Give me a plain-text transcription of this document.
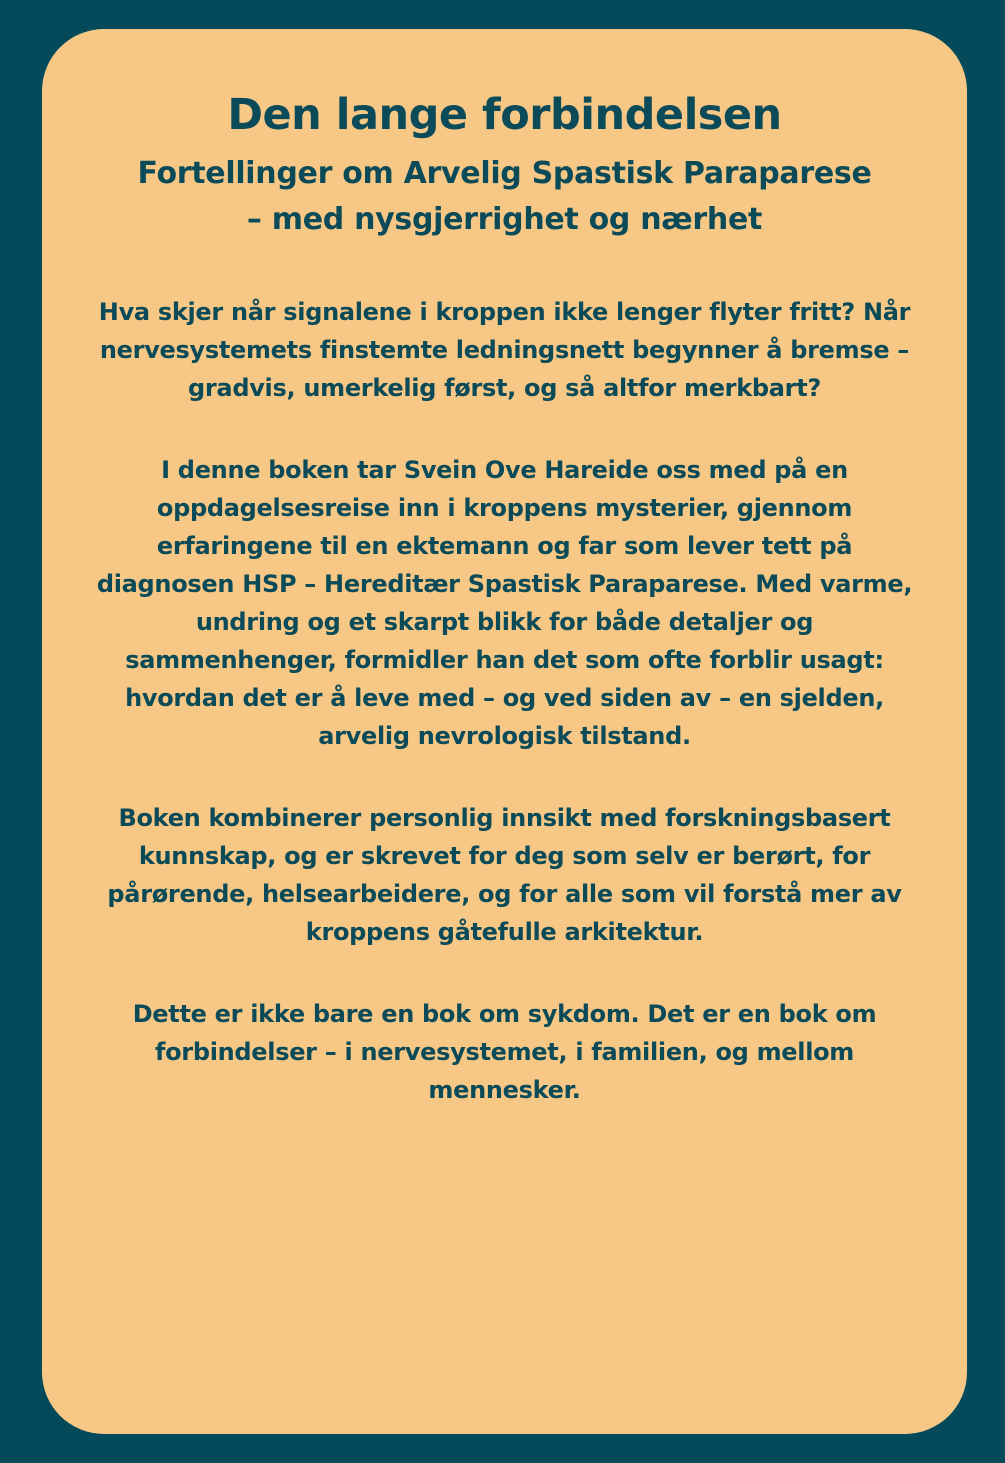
Den lange forbindelsen
Fortellinger om Arvelig Spastisk Paraparese
– med nysgjerrighet og nærhet

Hva skjer når signalene i kroppen ikke lenger flyter fritt? Når nervesystemets finstemte ledningsnett begynner å bremse – gradvis, umerkelig først, og så altfor merkbart?

I denne boken tar Svein Ove Hareide oss med på en oppdagelsesreise inn i kroppens mysterier, gjennom erfaringene til en ektemann og far som lever tett på diagnosen HSP – Hereditær Spastisk Paraparese. Med varme, undring og et skarpt blikk for både detaljer og sammenhenger, formidler han det som ofte forblir usagt: hvordan det er å leve med – og ved siden av – en sjelden, arvelig nevrologisk tilstand.

Boken kombinerer personlig innsikt med forskningsbasert kunnskap, og er skrevet for deg som selv er berørt, for pårørende, helsearbeidere, og for alle som vil forstå mer av kroppens gåtefulle arkitektur.

Dette er ikke bare en bok om sykdom. Det er en bok om forbindelser – i nervesystemet, i familien, og mellom mennesker.
